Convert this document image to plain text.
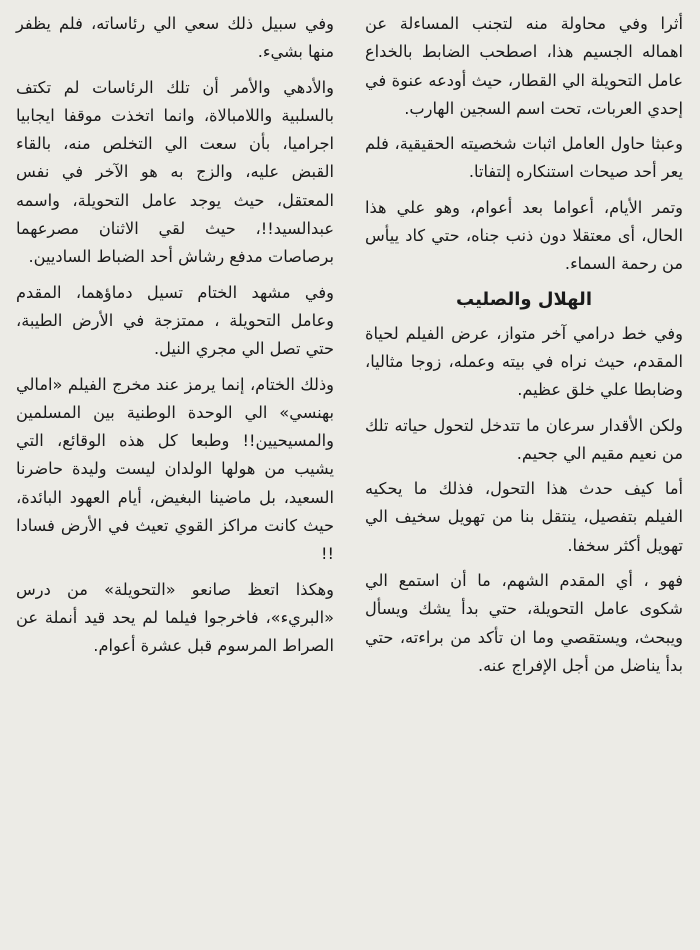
أثرا وفي محاولة منه لتجنب المساءلة عن اهماله الجسيم هذا، اصطحب الضابط بالخداع عامل التحويلة الي القطار، حيث أودعه عنوة في إحدي العربات، تحت اسم السجين الهارب.

وعبثا حاول العامل اثبات شخصيته الحقيقية، فلم يعر أحد صيحات استنكاره إلتفاتا.

وتمر الأيام، أعواما بعد أعوام، وهو علي هذا الحال، أى معتقلا دون ذنب جناه، حتي كاد ييأس من رحمة السماء.

الهلال والصليب

وفي خط درامي آخر متواز، عرض الفيلم لحياة المقدم، حيث نراه في بيته وعمله، زوجا مثاليا، وضابطا علي خلق عظيم.

ولكن الأقدار سرعان ما تتدخل لتحول حياته تلك من نعيم مقيم الي جحيم.

أما كيف حدث هذا التحول، فذلك ما يحكيه الفيلم بتفصيل، ينتقل بنا من تهويل سخيف الي تهويل أكثر سخفا.

فهو ، أي المقدم الشهم، ما أن استمع الي شكوى عامل التحويلة، حتي بدأ يشك ويسأل ويبحث، ويستقصي وما ان تأكد من براءته، حتي بدأ يناضل من أجل الإفراج عنه.

وفي سبيل ذلك سعي الي رئاساته، فلم يظفر منها بشيء.

والأدهي والأمر أن تلك الرئاسات لم تكتف بالسلبية واللامبالاة، وانما اتخذت موقفا ايجابيا اجراميا، بأن سعت الي التخلص منه، بالقاء القبض عليه، والزج به هو الآخر في نفس المعتقل، حيث يوجد عامل التحويلة، واسمه عبدالسيد!!، حيث لقي الاثنان مصرعهما برصاصات مدفع رشاش أحد الضباط الساديين.

وفي مشهد الختام تسيل دماؤهما، المقدم وعامل التحويلة ، ممتزجة في الأرض الطيبة، حتي تصل الي مجري النيل.

وذلك الختام، إنما يرمز عند مخرج الفيلم «امالي بهنسي» الي الوحدة الوطنية بين المسلمين والمسيحيين!! وطبعا كل هذه الوقائع، التي يشيب من هولها الولدان ليست وليدة حاضرنا السعيد، بل ماضينا البغيض، أيام العهود البائدة، حيث كانت مراكز القوي تعيث في الأرض فسادا !!

وهكذا اتعظ صانعو «التحويلة» من درس «البريء»، فاخرجوا فيلما لم يحد قيد أنملة عن الصراط المرسوم قبل عشرة أعوام.
